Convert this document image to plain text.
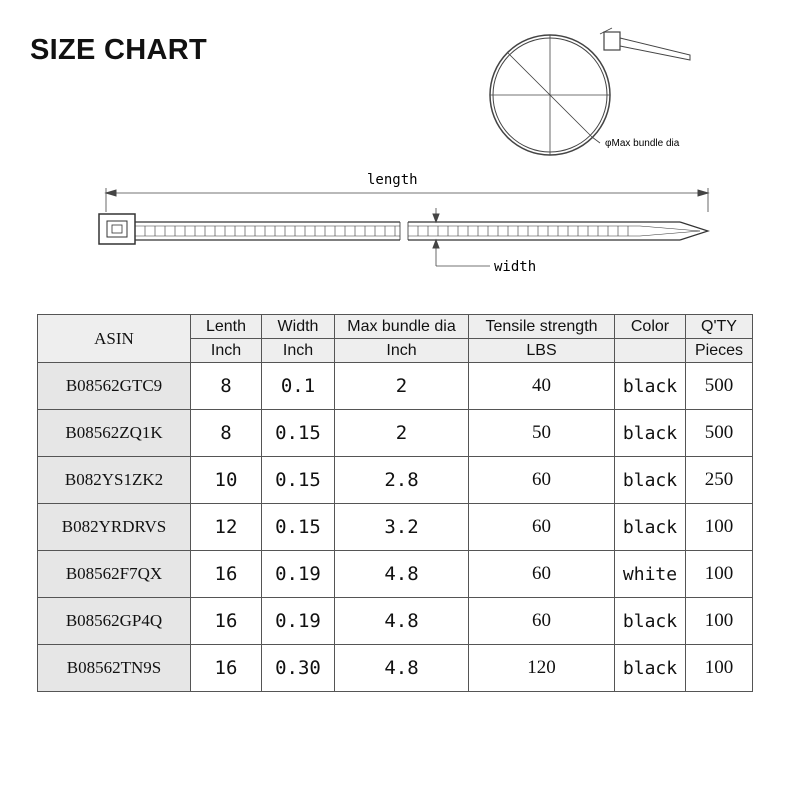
SIZE CHART
φMax bundle dia
length
width
ASIN	Lenth	Width	Max bundle dia	Tensile strength	Color	Q'TY
	Inch	Inch	Inch	LBS		Pieces
B08562GTC9	8	0.1	2	40	black	500
B08562ZQ1K	8	0.15	2	50	black	500
B082YS1ZK2	10	0.15	2.8	60	black	250
B082YRDRVS	12	0.15	3.2	60	black	100
B08562F7QX	16	0.19	4.8	60	white	100
B08562GP4Q	16	0.19	4.8	60	black	100
B08562TN9S	16	0.30	4.8	120	black	100
